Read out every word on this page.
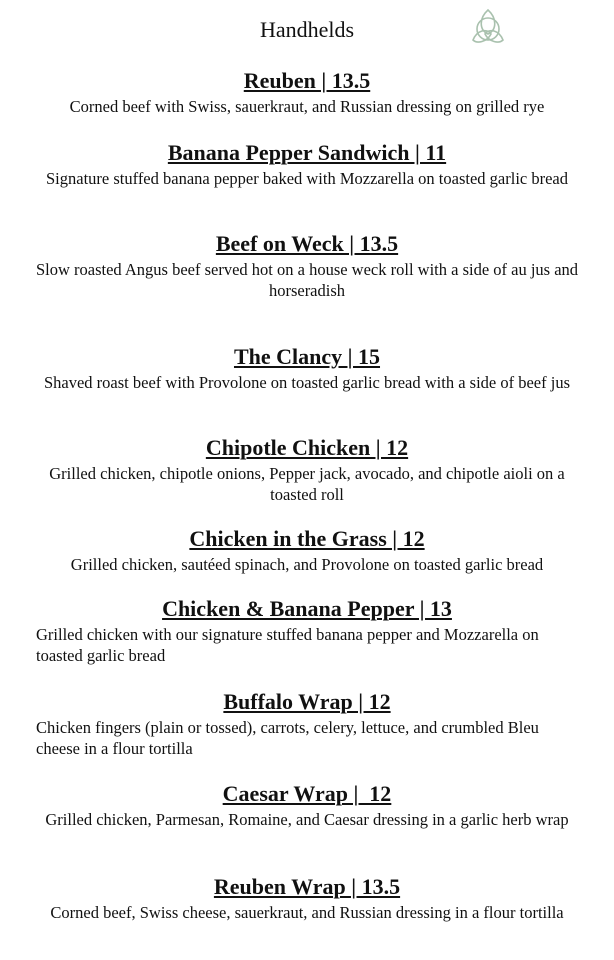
Handhelds
Reuben | 13.5
Corned beef with Swiss, sauerkraut, and Russian dressing on grilled rye
Banana Pepper Sandwich | 11
Signature stuffed banana pepper baked with Mozzarella on toasted garlic bread
Beef on Weck | 13.5
Slow roasted Angus beef served hot on a house weck roll with a side of au jus and horseradish
The Clancy | 15
Shaved roast beef with Provolone on toasted garlic bread with a side of beef jus
Chipotle Chicken | 12
Grilled chicken, chipotle onions, Pepper jack, avocado, and chipotle aioli on a toasted roll
Chicken in the Grass | 12
Grilled chicken, sautéed spinach, and Provolone on toasted garlic bread
Chicken & Banana Pepper | 13
Grilled chicken with our signature stuffed banana pepper and Mozzarella on toasted garlic bread
Buffalo Wrap | 12
Chicken fingers (plain or tossed), carrots, celery, lettuce, and crumbled Bleu cheese in a flour tortilla
Caesar Wrap |  12
Grilled chicken, Parmesan, Romaine, and Caesar dressing in a garlic herb wrap
Reuben Wrap | 13.5
Corned beef, Swiss cheese, sauerkraut, and Russian dressing in a flour tortilla
